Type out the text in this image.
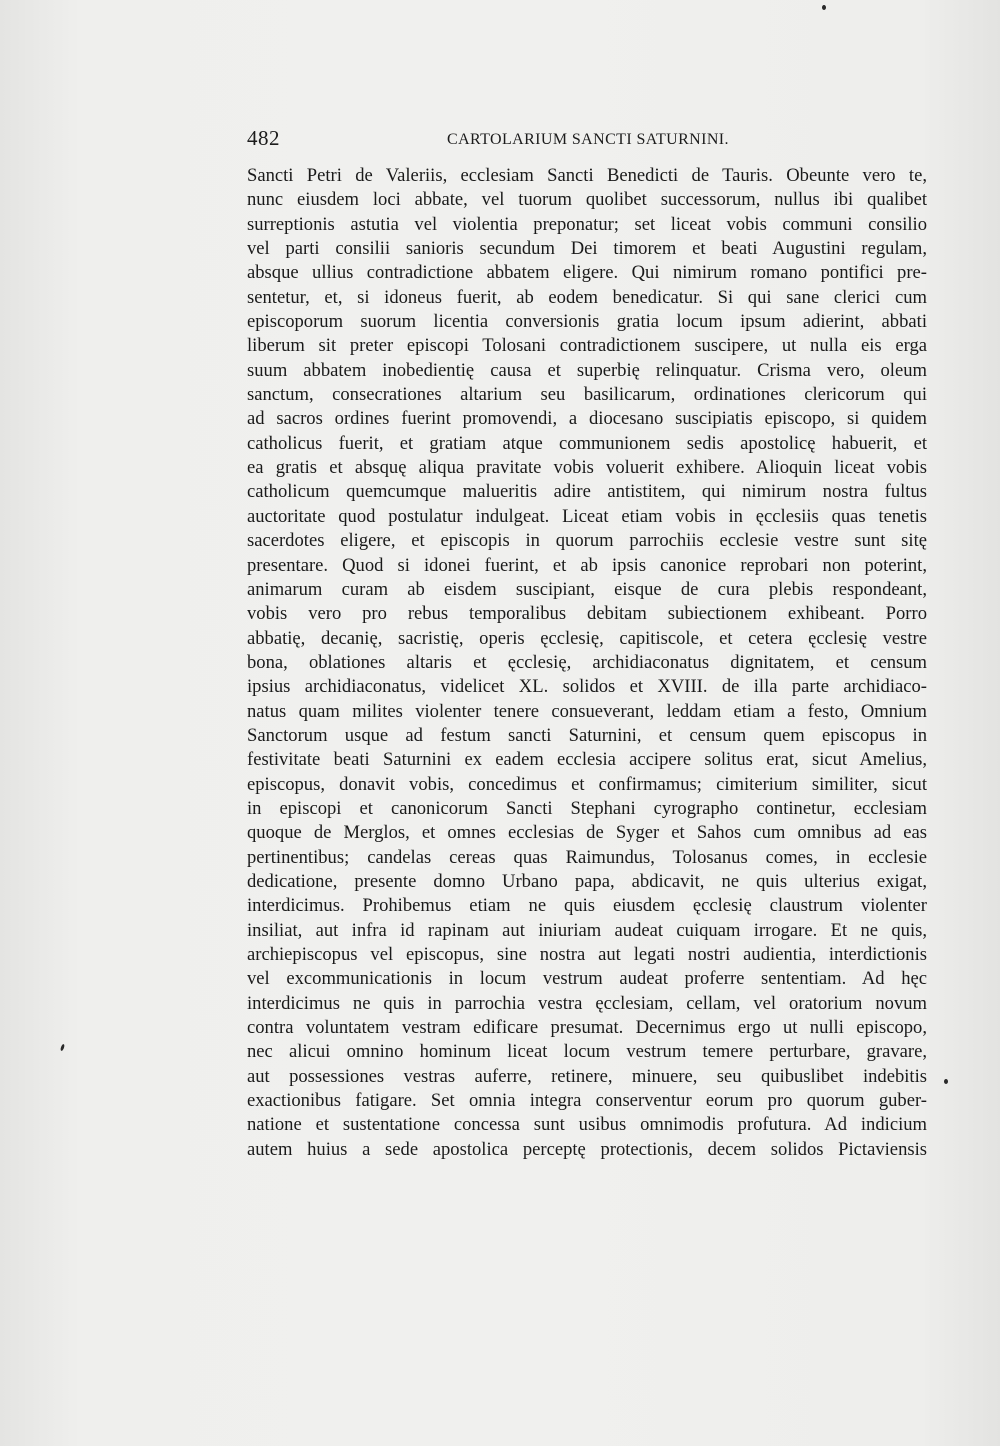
482	CARTOLARIUM SANCTI SATURNINI.
Sancti Petri de Valeriis, ecclesiam Sancti Benedicti de Tauris. Obeunte vero te,
nunc eiusdem loci abbate, vel tuorum quolibet successorum, nullus ibi qualibet
surreptionis astutia vel violentia preponatur; set liceat vobis communi consilio
vel parti consilii sanioris secundum Dei timorem et beati Augustini regulam,
absque ullius contradictione abbatem eligere. Qui nimirum romano pontifici pre-
sentetur, et, si idoneus fuerit, ab eodem benedicatur. Si qui sane clerici cum
episcoporum suorum licentia conversionis gratia locum ipsum adierint, abbati
liberum sit preter episcopi Tolosani contradictionem suscipere, ut nulla eis erga
suum abbatem inobedientię causa et superbię relinquatur. Crisma vero, oleum
sanctum, consecrationes altarium seu basilicarum, ordinationes clericorum qui
ad sacros ordines fuerint promovendi, a diocesano suscipiatis episcopo, si quidem
catholicus fuerit, et gratiam atque communionem sedis apostolicę habuerit, et
ea gratis et absquę aliqua pravitate vobis voluerit exhibere. Alioquin liceat vobis
catholicum quemcumque malueritis adire antistitem, qui nimirum nostra fultus
auctoritate quod postulatur indulgeat. Liceat etiam vobis in ęcclesiis quas tenetis
sacerdotes eligere, et episcopis in quorum parrochiis ecclesie vestre sunt sitę
presentare. Quod si idonei fuerint, et ab ipsis canonice reprobari non poterint,
animarum curam ab eisdem suscipiant, eisque de cura plebis respondeant,
vobis vero pro rebus temporalibus debitam subiectionem exhibeant. Porro
abbatię, decanię, sacristię, operis ęcclesię, capitiscole, et cetera ęcclesię vestre
bona, oblationes altaris et ęcclesię, archidiaconatus dignitatem, et censum
ipsius archidiaconatus, videlicet XL. solidos et XVIII. de illa parte archidiaco-
natus quam milites violenter tenere consueverant, leddam etiam a festo, Omnium
Sanctorum usque ad festum sancti Saturnini, et censum quem episcopus in
festivitate beati Saturnini ex eadem ecclesia accipere solitus erat, sicut Amelius,
episcopus, donavit vobis, concedimus et confirmamus; cimiterium similiter, sicut
in episcopi et canonicorum Sancti Stephani cyrographo continetur, ecclesiam
quoque de Merglos, et omnes ecclesias de Syger et Sahos cum omnibus ad eas
pertinentibus; candelas cereas quas Raimundus, Tolosanus comes, in ecclesie
dedicatione, presente domno Urbano papa, abdicavit, ne quis ulterius exigat,
interdicimus. Prohibemus etiam ne quis eiusdem ęcclesię claustrum violenter
insiliat, aut infra id rapinam aut iniuriam audeat cuiquam irrogare. Et ne quis,
archiepiscopus vel episcopus, sine nostra aut legati nostri audientia, interdictionis
vel excommunicationis in locum vestrum audeat proferre sententiam. Ad hęc
interdicimus ne quis in parrochia vestra ęcclesiam, cellam, vel oratorium novum
contra voluntatem vestram edificare presumat. Decernimus ergo ut nulli episcopo,
nec alicui omnino hominum liceat locum vestrum temere perturbare, gravare,
aut possessiones vestras auferre, retinere, minuere, seu quibuslibet indebitis
exactionibus fatigare. Set omnia integra conserventur eorum pro quorum guber-
natione et sustentatione concessa sunt usibus omnimodis profutura. Ad indicium
autem huius a sede apostolica perceptę protectionis, decem solidos Pictaviensis
